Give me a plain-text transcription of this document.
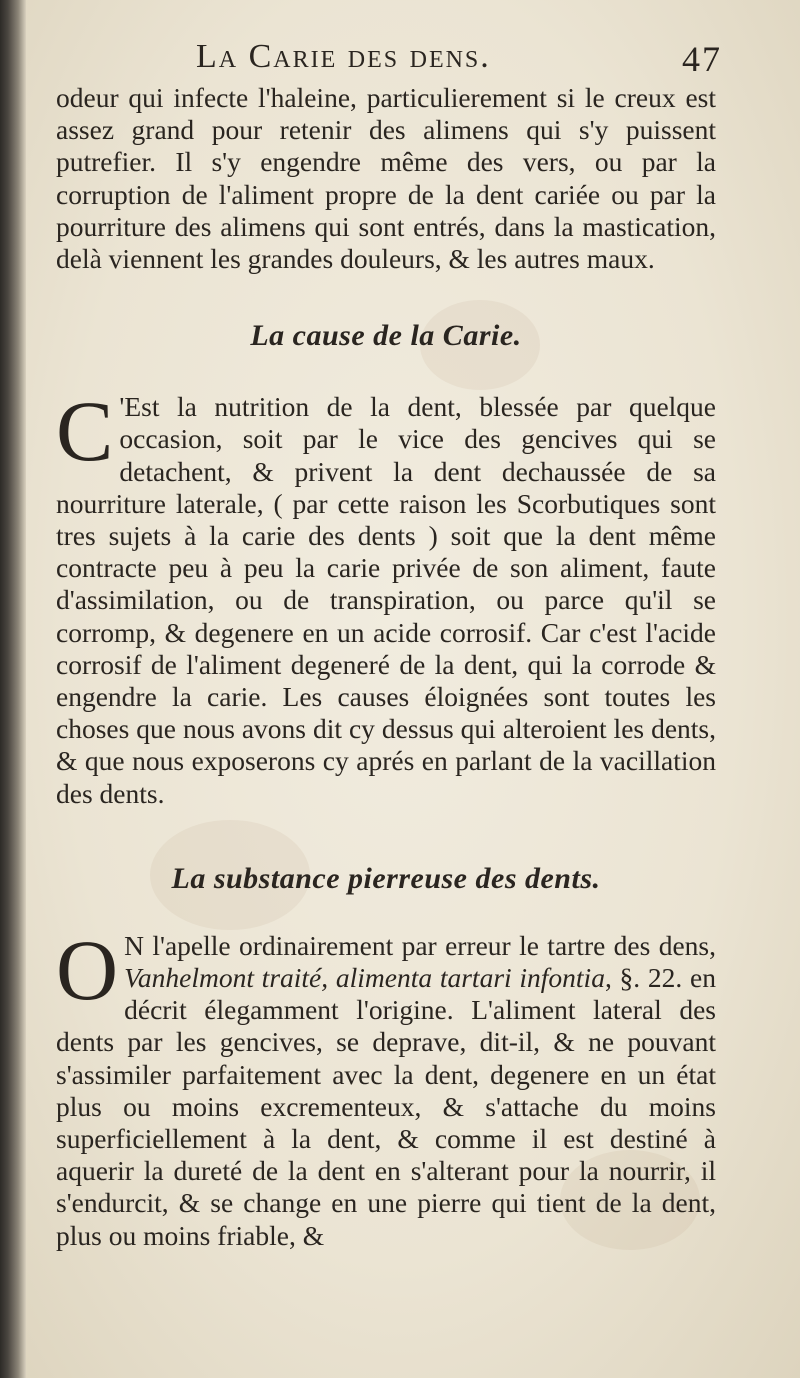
La Carie des dens.	47

odeur qui infecte l'haleine, particulierement si le creux est assez grand pour retenir des alimens qui s'y puissent putrefier. Il s'y engendre même des vers, ou par la corruption de l'aliment propre de la dent cariée ou par la pourriture des alimens qui sont entrés, dans la mastication, delà viennent les grandes douleurs, & les autres maux.

La cause de la Carie.

C 'Est la nutrition de la dent, blessée par quelque occasion, soit par le vice des gencives qui se detachent, & privent la dent dechaussée de sa nourriture laterale, ( par cette raison les Scorbutiques sont tres sujets à la carie des dents ) soit que la dent même contracte peu à peu la carie privée de son aliment, faute d'assimilation, ou de transpiration, ou parce qu'il se corromp, & degenere en un acide corrosif. Car c'est l'acide corrosif de l'aliment degeneré de la dent, qui la corrode & engendre la carie. Les causes éloignées sont toutes les choses que nous avons dit cy dessus qui alteroient les dents, & que nous exposerons cy aprés en parlant de la vacillation des dents.

La substance pierreuse des dents.

O N l'apelle ordinairement par erreur le tartre des dens, Vanhelmont traité, alimenta tartari infontia, §. 22. en décrit élegamment l'origine. L'aliment lateral des dents par les gencives, se deprave, dit-il, & ne pouvant s'assimiler parfaitement avec la dent, degenere en un état plus ou moins excrementeux, & s'attache du moins superficiellement à la dent, & comme il est destiné à aquerir la dureté de la dent en s'alterant pour la nourrir, il s'endurcit, & se change en une pierre qui tient de la dent, plus ou moins friable, &
